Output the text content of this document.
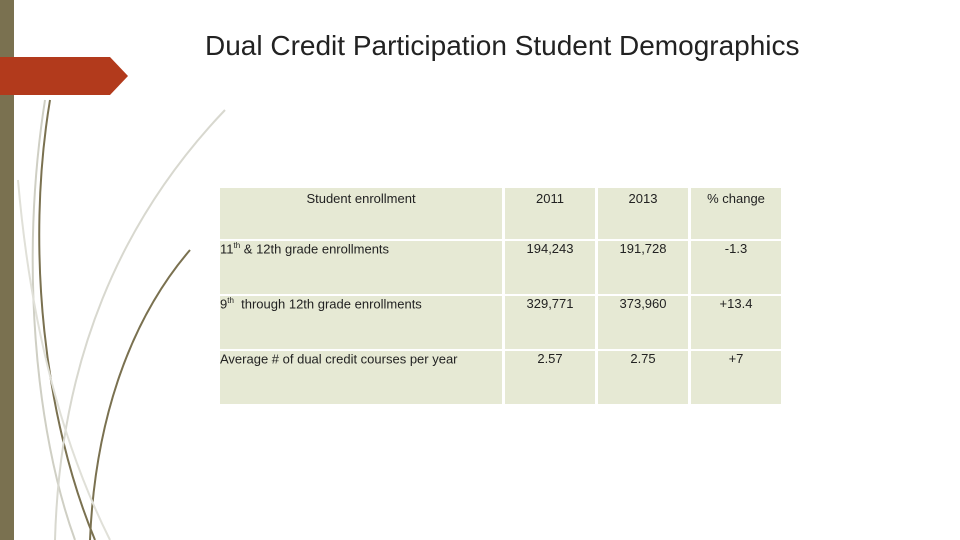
Dual Credit Participation Student Demographics
Student enrollment	2011	2013	% change
11th & 12th grade enrollments	194,243	191,728	-1.3
9th  through 12th grade enrollments	329,771	373,960	+13.4
Average # of dual credit courses per year	2.57	2.75	+7
